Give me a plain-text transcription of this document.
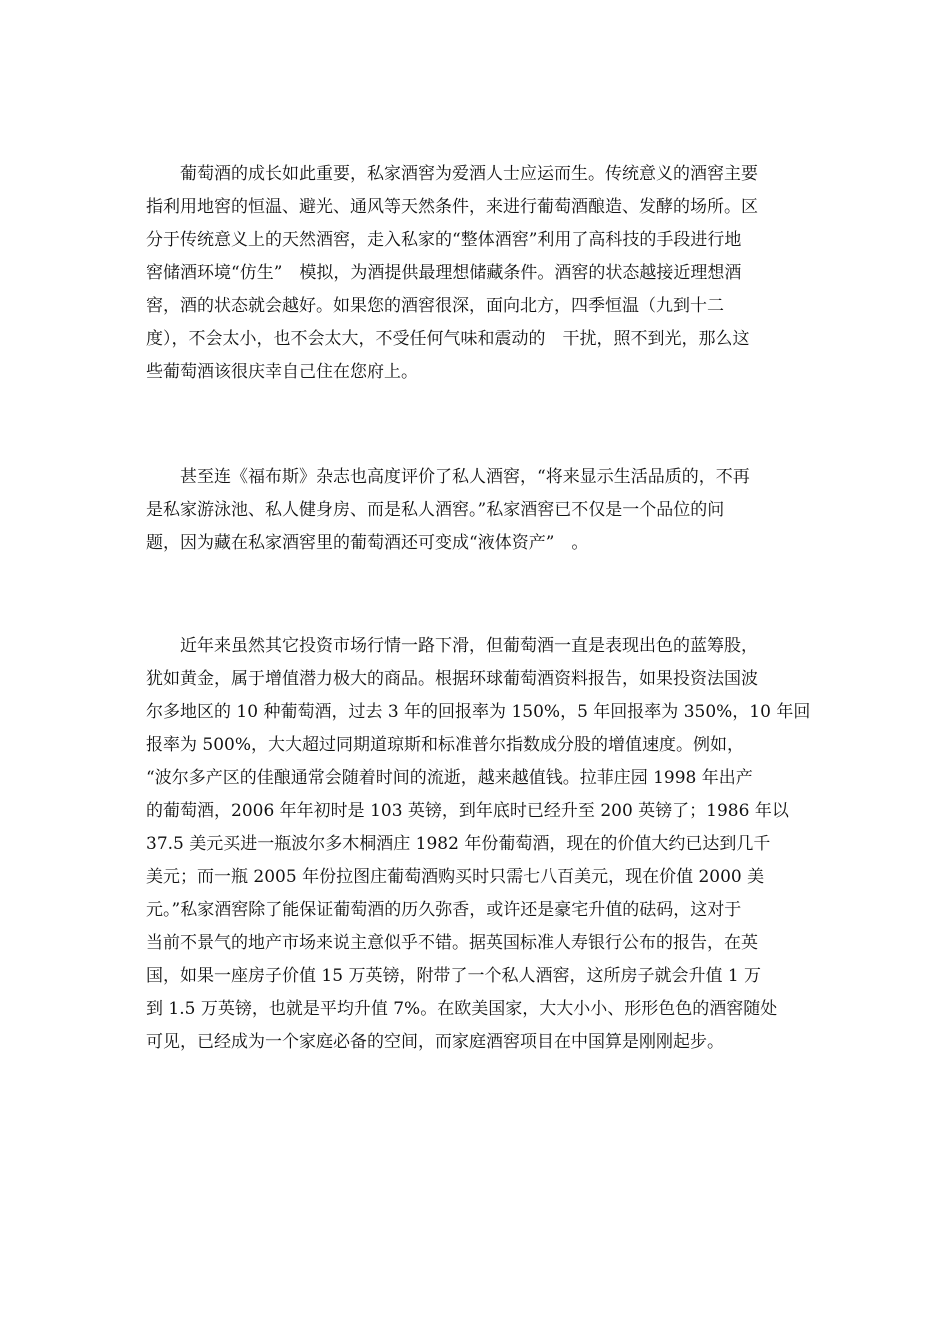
　　葡萄酒的成长如此重要，私家酒窖为爱酒人士应运而生。传统意义的酒窖主要
指利用地窖的恒温、避光、通风等天然条件，来进行葡萄酒酿造、发酵的场所。区
分于传统意义上的天然酒窖，走入私家的“整体酒窖”利用了高科技的手段进行地
窖储酒环境“仿生”　模拟，为酒提供最理想储藏条件。酒窖的状态越接近理想酒
窖，酒的状态就会越好。如果您的酒窖很深，面向北方，四季恒温（九到十二
度），不会太小，也不会太大，不受任何气味和震动的　干扰，照不到光，那么这
些葡萄酒该很庆幸自己住在您府上。

　　甚至连《福布斯》杂志也高度评价了私人酒窖，“将来显示生活品质的，不再
是私家游泳池、私人健身房、而是私人酒窖。”私家酒窖已不仅是一个品位的问
题，因为藏在私家酒窖里的葡萄酒还可变成“液体资产”　。

　　近年来虽然其它投资市场行情一路下滑，但葡萄酒一直是表现出色的蓝筹股，
犹如黄金，属于增值潜力极大的商品。根据环球葡萄酒资料报告，如果投资法国波
尔多地区的 10 种葡萄酒，过去 3 年的回报率为 150%，5 年回报率为 350%，10 年回
报率为 500%，大大超过同期道琼斯和标准普尔指数成分股的增值速度。例如，
“波尔多产区的佳酿通常会随着时间的流逝，越来越值钱。拉菲庄园 1998 年出产
的葡萄酒，2006 年年初时是 103 英镑，到年底时已经升至 200 英镑了；1986 年以
37.5 美元买进一瓶波尔多木桐酒庄 1982 年份葡萄酒，现在的价值大约已达到几千
美元；而一瓶 2005 年份拉图庄葡萄酒购买时只需七八百美元，现在价值 2000 美
元。”私家酒窖除了能保证葡萄酒的历久弥香，或许还是豪宅升值的砝码，这对于
当前不景气的地产市场来说主意似乎不错。据英国标准人寿银行公布的报告，在英
国，如果一座房子价值 15 万英镑，附带了一个私人酒窖，这所房子就会升值 1 万
到 1.5 万英镑，也就是平均升值 7%。在欧美国家，大大小小、形形色色的酒窖随处
可见，已经成为一个家庭必备的空间，而家庭酒窖项目在中国算是刚刚起步。
